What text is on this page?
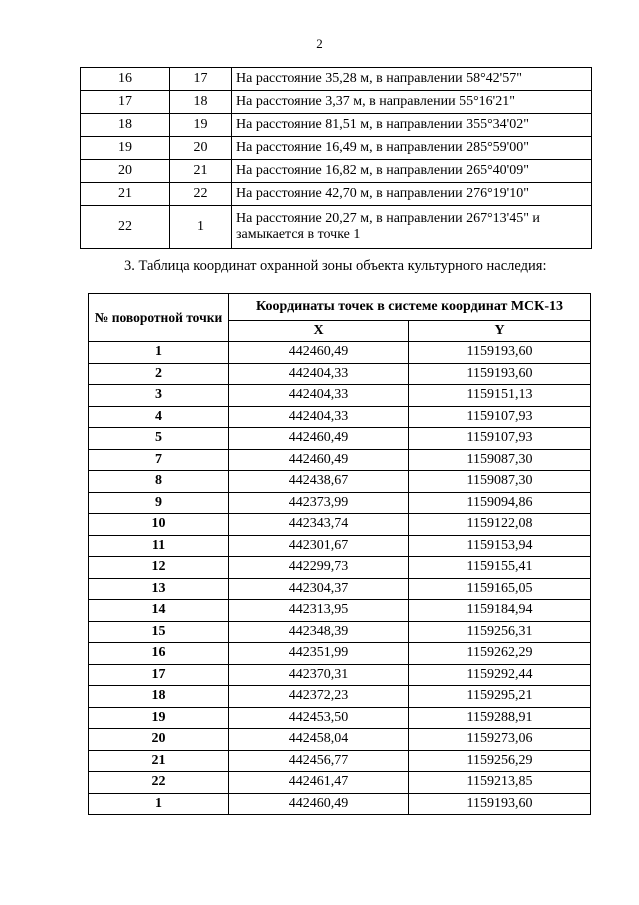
2
16	17	На расстояние 35,28 м, в направлении 58°42'57"
17	18	На расстояние 3,37 м, в направлении 55°16'21"
18	19	На расстояние 81,51 м, в направлении 355°34'02"
19	20	На расстояние 16,49 м, в направлении 285°59'00"
20	21	На расстояние 16,82 м, в направлении 265°40'09"
21	22	На расстояние 42,70 м, в направлении 276°19'10"
22	1	На расстояние 20,27 м, в направлении 267°13'45" и замыкается в точке 1
3. Таблица координат охранной зоны объекта культурного наследия:
№ поворотной точки	Координаты точек в системе координат МСК-13	
	X	Y
1	442460,49	1159193,60
2	442404,33	1159193,60
3	442404,33	1159151,13
4	442404,33	1159107,93
5	442460,49	1159107,93
7	442460,49	1159087,30
8	442438,67	1159087,30
9	442373,99	1159094,86
10	442343,74	1159122,08
11	442301,67	1159153,94
12	442299,73	1159155,41
13	442304,37	1159165,05
14	442313,95	1159184,94
15	442348,39	1159256,31
16	442351,99	1159262,29
17	442370,31	1159292,44
18	442372,23	1159295,21
19	442453,50	1159288,91
20	442458,04	1159273,06
21	442456,77	1159256,29
22	442461,47	1159213,85
1	442460,49	1159193,60
